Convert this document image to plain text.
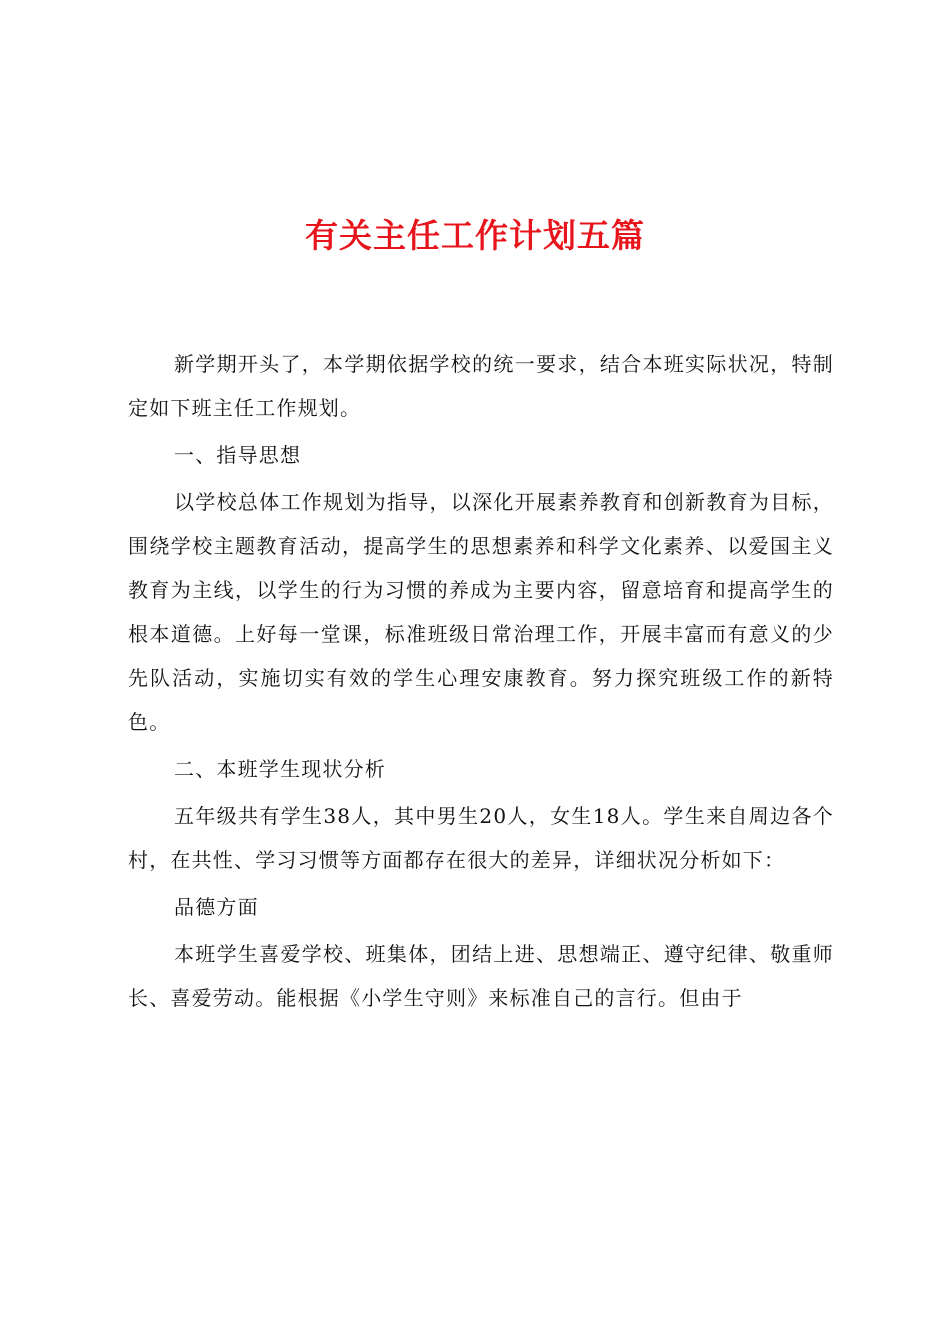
有关主任工作计划五篇

新学期开头了，本学期依据学校的统一要求，结合本班实际状况，特制定如下班主任工作规划。

一、指导思想

以学校总体工作规划为指导，以深化开展素养教育和创新教育为目标，围绕学校主题教育活动，提高学生的思想素养和科学文化素养、以爱国主义教育为主线，以学生的行为习惯的养成为主要内容，留意培育和提高学生的根本道德。上好每一堂课，标准班级日常治理工作，开展丰富而有意义的少先队活动，实施切实有效的学生心理安康教育。努力探究班级工作的新特色。

二、本班学生现状分析

五年级共有学生38人，其中男生20人，女生18人。学生来自周边各个村，在共性、学习习惯等方面都存在很大的差异，详细状况分析如下：

品德方面

本班学生喜爱学校、班集体，团结上进、思想端正、遵守纪律、敬重师长、喜爱劳动。能根据《小学生守则》来标准自己的言行。但由于
